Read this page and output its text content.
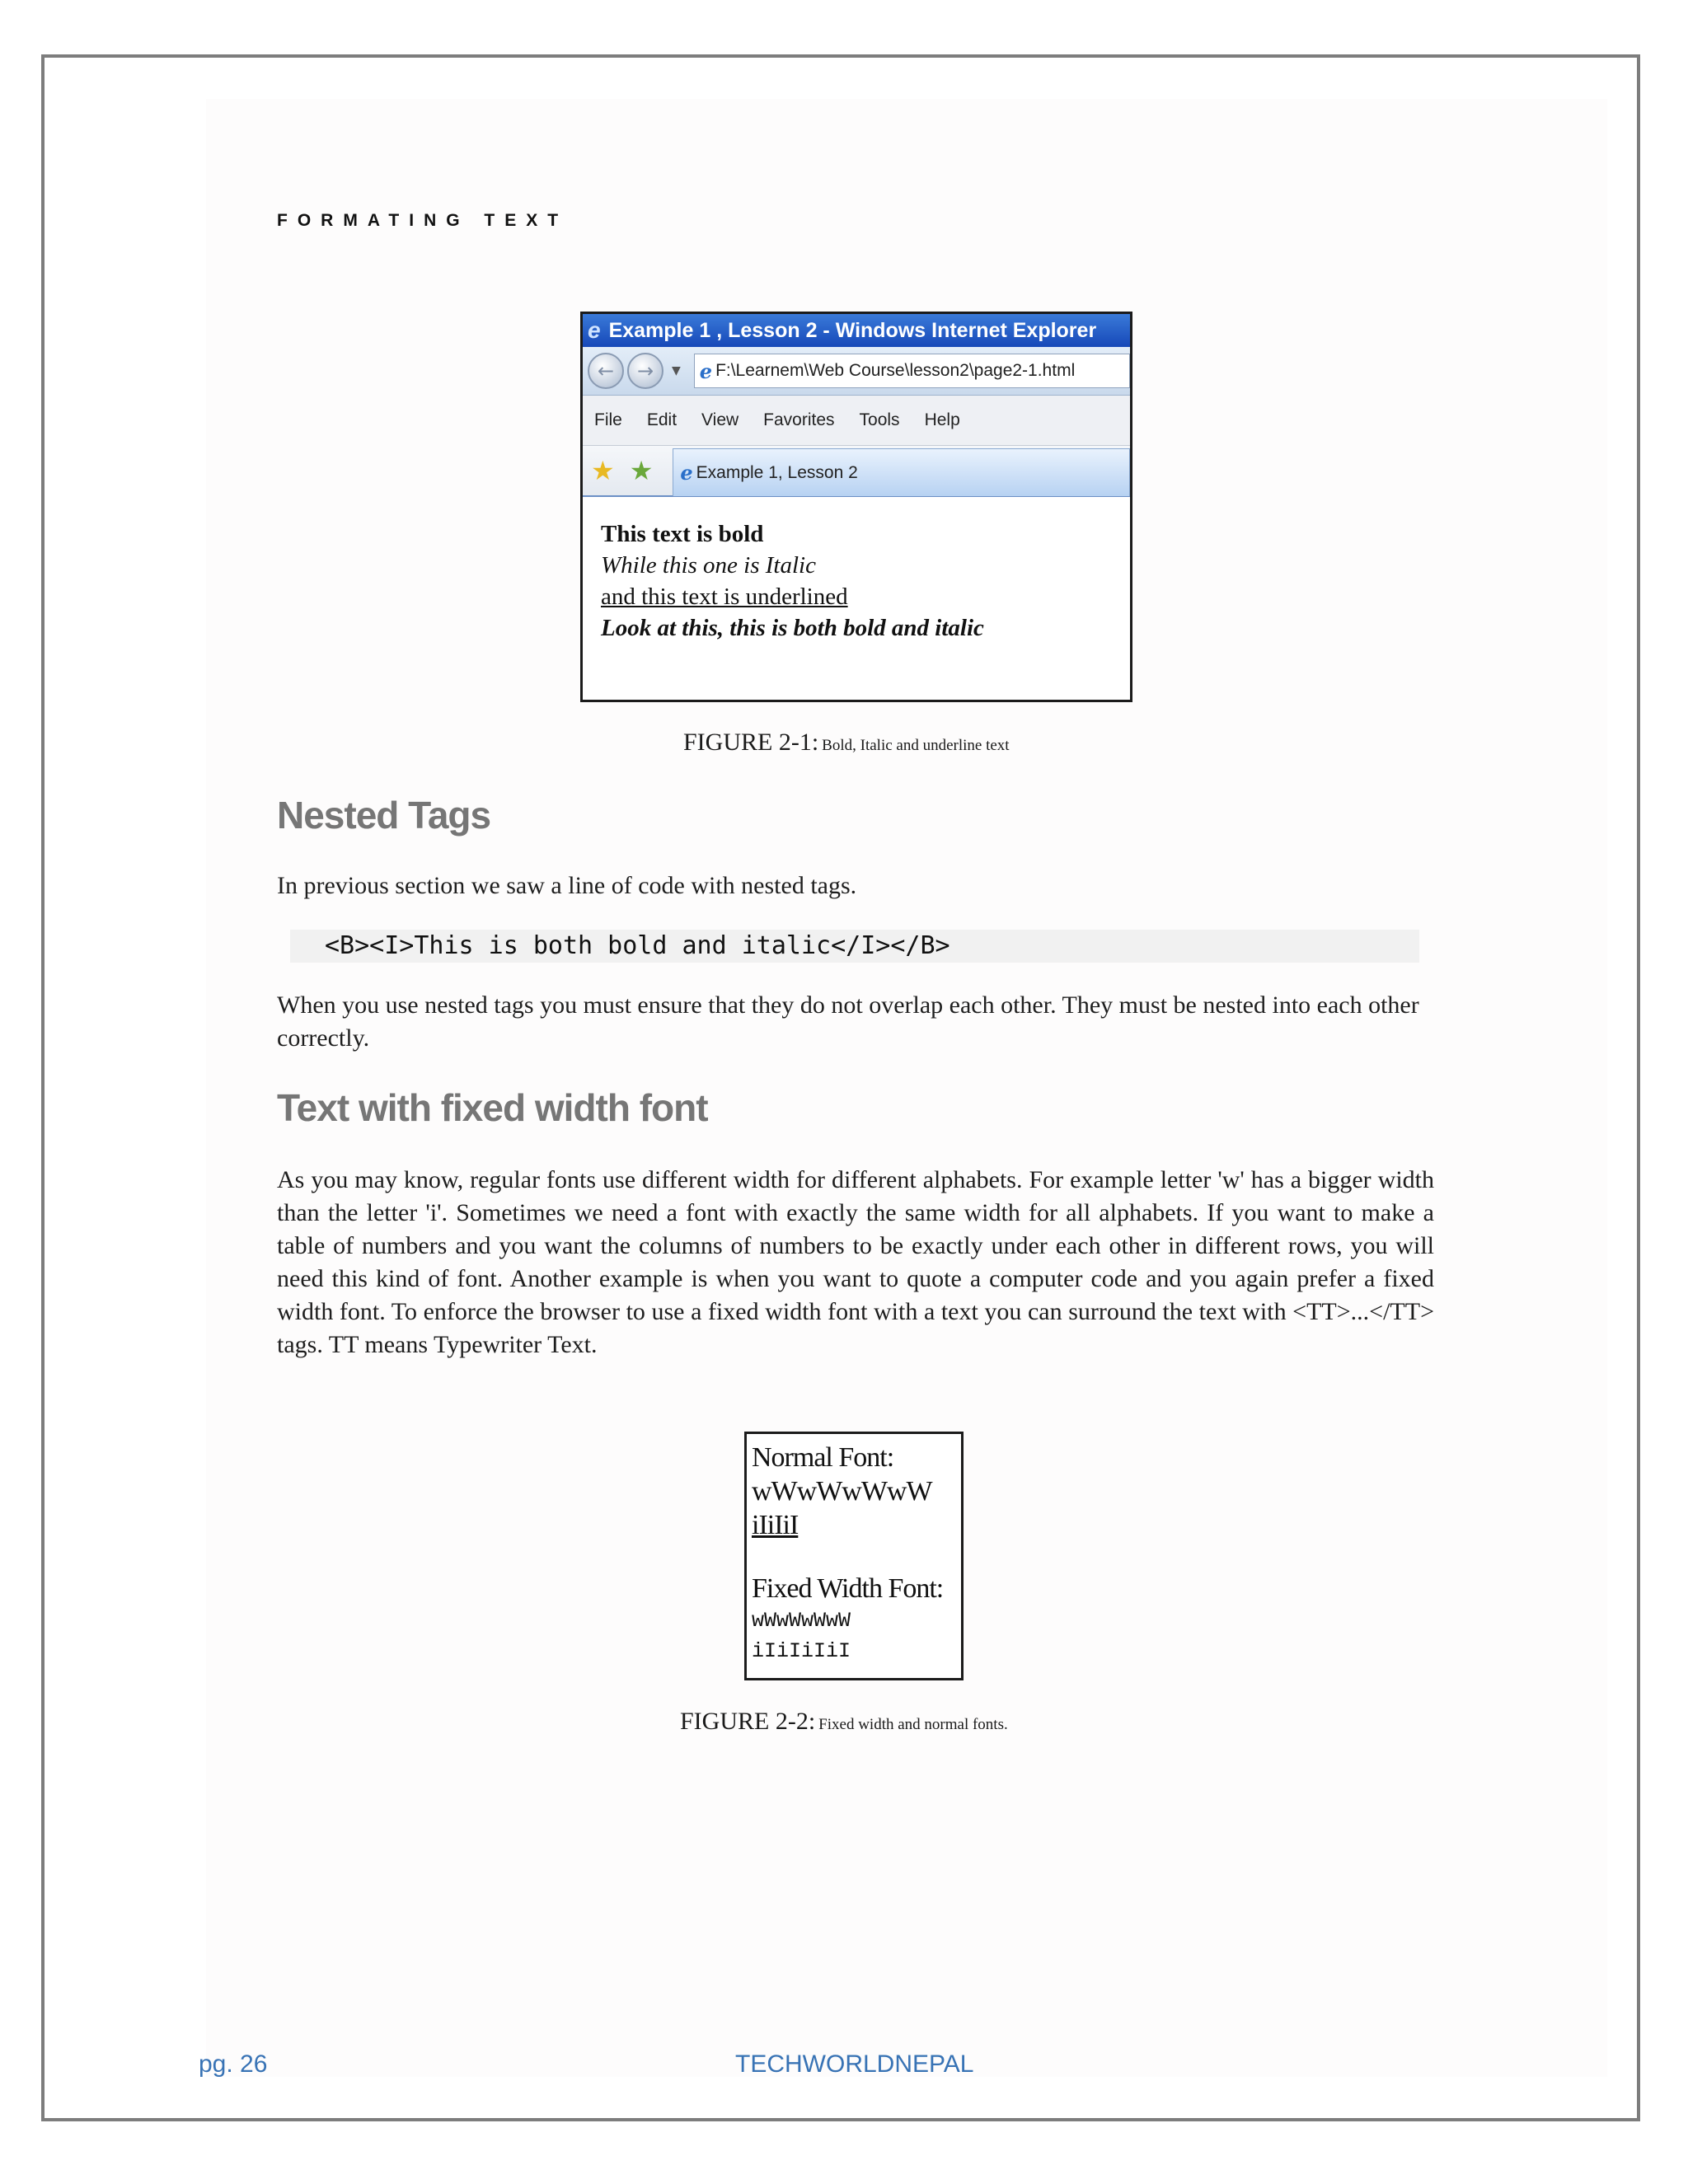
FORMATING TEXT
e Example 1 , Lesson 2 - Windows Internet Explorer
←	→	▼ e F:\Learnem\Web Course\lesson2\page2-1.html
File Edit View Favorites Tools Help
★ ★ e Example 1, Lesson 2
This text is bold
While this one is Italic
and this text is underlined
Look at this, this is both bold and italic
FIGURE 2-1: Bold, Italic and underline text
Nested Tags
In previous section we saw a line of code with nested tags.
<B><I>This is both bold and italic</I></B>
When you use nested tags you must ensure that they do not overlap each other. They must be nested into each other correctly.
Text with fixed width font
As you may know, regular fonts use different width for different alphabets. For example letter 'w' has a bigger width than the letter 'i'. Sometimes we need a font with exactly the same width for all alphabets. If you want to make a table of numbers and you want the columns of numbers to be exactly under each other in different rows, you will need this kind of font. Another example is when you want to quote a computer code and you again prefer a fixed width font. To enforce the browser to use a fixed width font with a text you can surround the text with <TT>...</TT> tags. TT means Typewriter Text.
Normal Font:
wWwWwWwW
iIiIiI
Fixed Width Font:
wWwWwWwW
iIiIiIiI
FIGURE 2-2: Fixed width and normal fonts.
pg. 26	TECHWORLDNEPAL
